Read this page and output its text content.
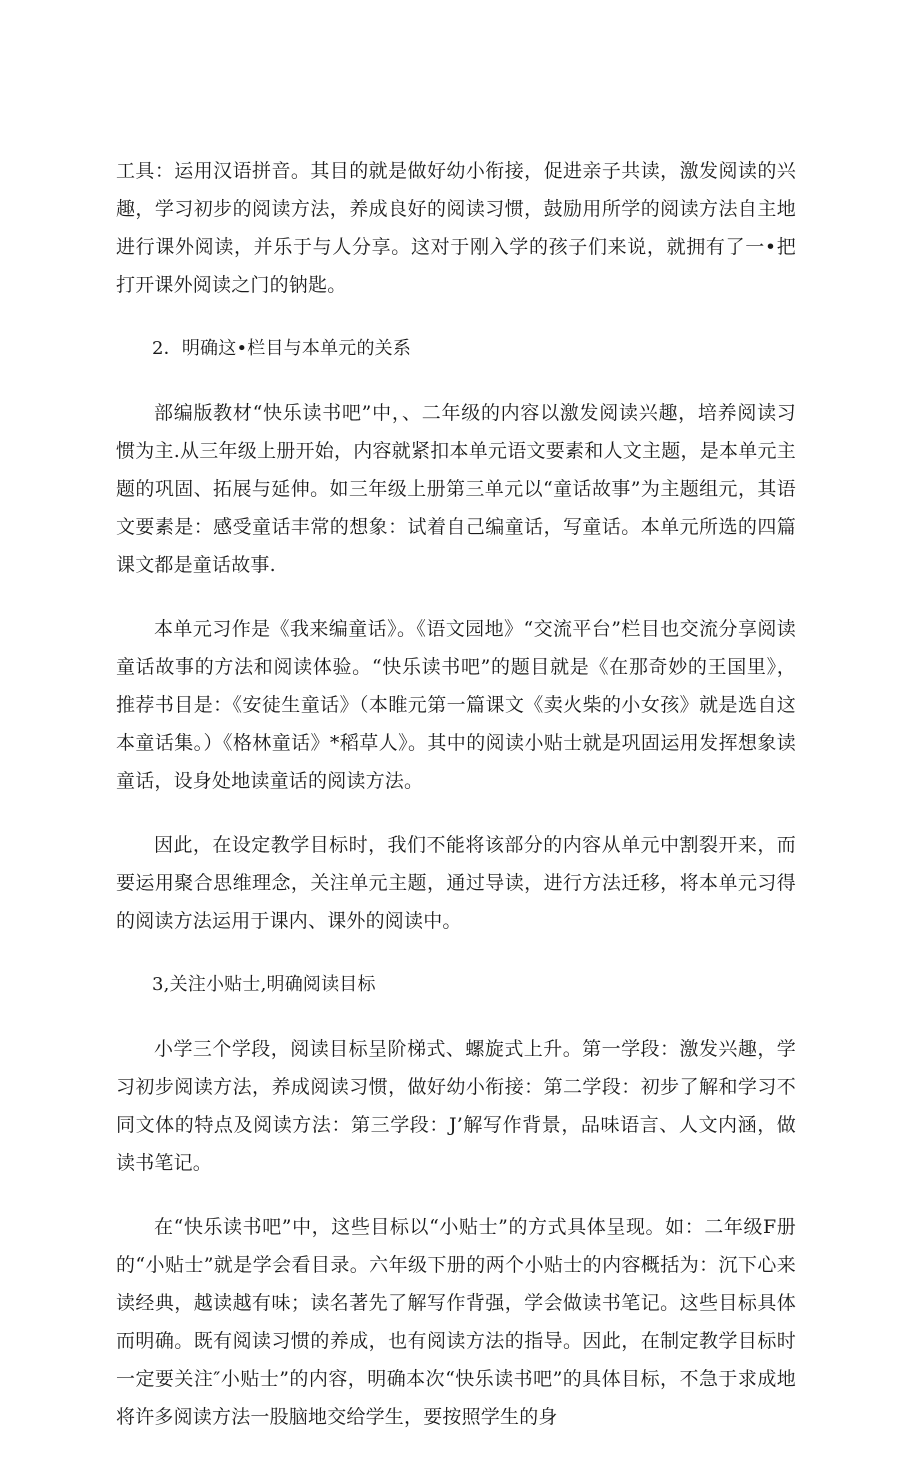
工具：运用汉语拼音。其目的就是做好幼小衔接，促进亲子共读，激发阅读的兴趣，学习初步的阅读方法，养成良好的阅读习惯，鼓励用所学的阅读方法自主地进行课外阅读，并乐于与人分享。这对于刚入学的孩子们来说，就拥有了一•把打开课外阅读之门的钠匙。

2．明确这•栏目与本单元的关系

部编版教材“快乐读书吧”中，、二年级的内容以激发阅读兴趣，培养阅读习惯为主.从三年级上册开始，内容就紧扣本单元语文要素和人文主题，是本单元主题的巩固、拓展与延伸。如三年级上册第三单元以“童话故事”为主题组元，其语文要素是：感受童话丰常的想象：试着自己编童话，写童话。本单元所选的四篇课文都是童话故事.

本单元习作是《我来编童话》。《语文园地》“交流平台”栏目也交流分享阅读童话故事的方法和阅读体验。“快乐读书吧”的题目就是《在那奇妙的王国里》，推荐书目是：《安徒生童话》（本睢元第一篇课文《卖火柴的小女孩》就是选自这本童话集。）《格林童话》*稻草人》。其中的阅读小贴士就是巩固运用发挥想象读童话，设身处地读童话的阅读方法。

因此，在设定教学目标时，我们不能将该部分的内容从单元中割裂开来，而要运用聚合思维理念，关注单元主题，通过导读，进行方法迁移，将本单元习得的阅读方法运用于课内、课外的阅读中。

3,关注小贴士,明确阅读目标

小学三个学段，阅读目标呈阶梯式、螺旋式上升。第一学段：激发兴趣，学习初步阅读方法，养成阅读习惯，做好幼小衔接：第二学段：初步了解和学习不同文体的特点及阅读方法：第三学段：J’解写作背景，品味语言、人文内涵，做读书笔记。

在“快乐读书吧”中，这些目标以“小贴士”的方式具体呈现。如：二年级F册的“小贴士”就是学会看目录。六年级下册的两个小贴士的内容概括为：沉下心来读经典，越读越有味；读名著先了解写作背强，学会做读书笔记。这些目标具体而明确。既有阅读习惯的养成，也有阅读方法的指导。因此，在制定教学目标时一定要关注″小贴士”的内容，明确本次“快乐读书吧”的具体目标，不急于求成地将许多阅读方法一股脑地交给学生，要按照学生的身
